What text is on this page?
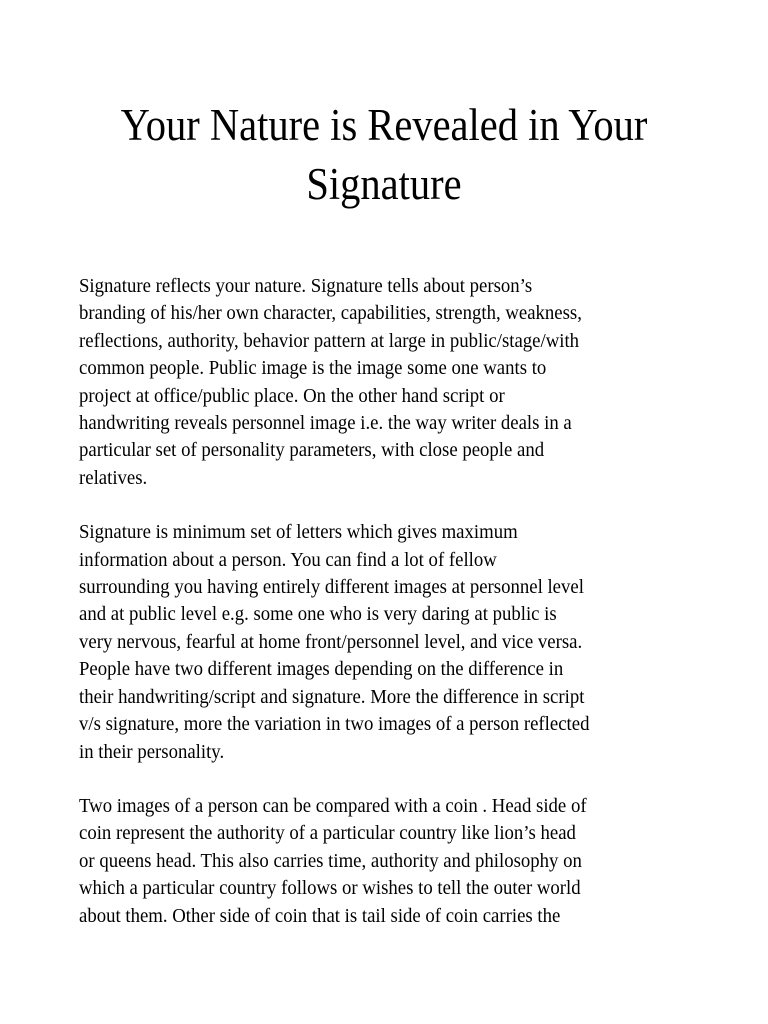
Your Nature is Revealed in Your
Signature

Signature reflects your nature. Signature tells about person’s
branding of his/her own character, capabilities, strength, weakness,
reflections, authority, behavior pattern at large in public/stage/with
common people. Public image is the image some one wants to
project at office/public place. On the other hand script or
handwriting reveals personnel image i.e. the way writer deals in a
particular set of personality parameters, with close people and
relatives.

Signature is minimum set of letters which gives maximum
information about a person. You can find a lot of fellow
surrounding you having entirely different images at personnel level
and at public level e.g. some one who is very daring at public is
very nervous, fearful at home front/personnel level, and vice versa.
People have two different images depending on the difference in
their handwriting/script and signature. More the difference in script
v/s signature, more the variation in two images of a person reflected
in their personality.

Two images of a person can be compared with a coin . Head side of
coin represent the authority of a particular country like lion’s head
or queens head. This also carries time, authority and philosophy on
which a particular country follows or wishes to tell the outer world
about them. Other side of coin that is tail side of coin carries the
